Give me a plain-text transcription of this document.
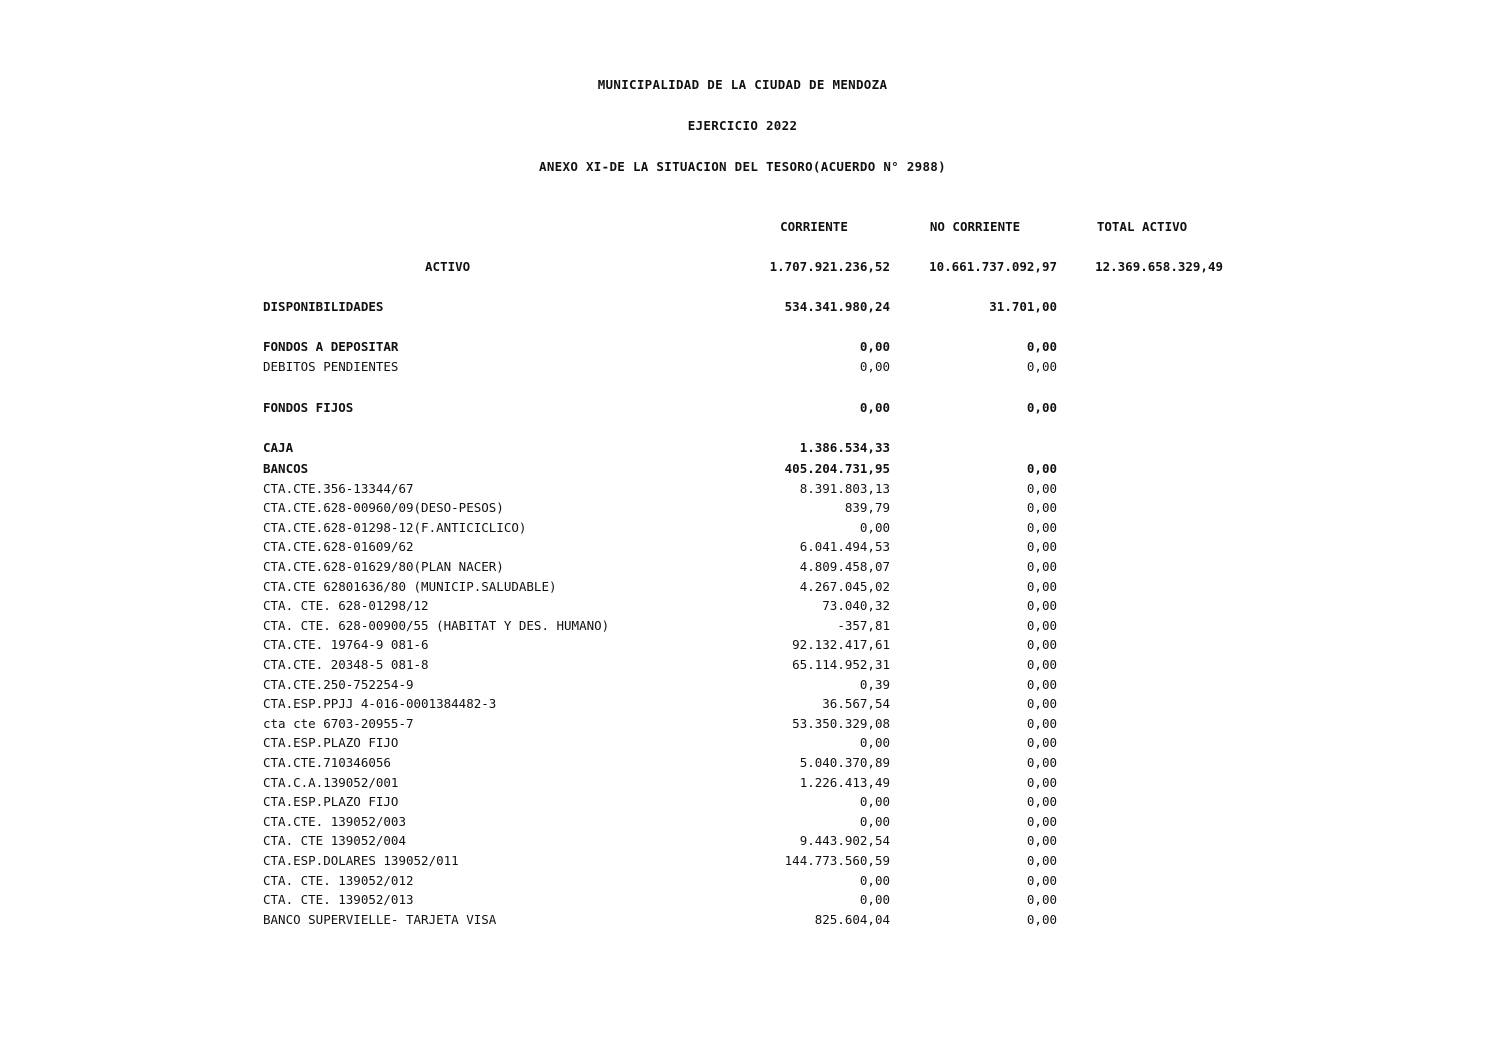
MUNICIPALIDAD DE LA CIUDAD DE MENDOZA
EJERCICIO 2022
ANEXO XI-DE LA SITUACION DEL TESORO(ACUERDO N° 2988)
CORRIENTE	NO CORRIENTE	TOTAL ACTIVO
ACTIVO	1.707.921.236,52	10.661.737.092,97	12.369.658.329,49
DISPONIBILIDADES	534.341.980,24	31.701,00
FONDOS A DEPOSITAR	0,00	0,00
DEBITOS PENDIENTES	0,00	0,00
FONDOS FIJOS	0,00	0,00
CAJA	1.386.534,33
BANCOS	405.204.731,95	0,00
CTA.CTE.356-13344/67	8.391.803,13	0,00
CTA.CTE.628-00960/09(DESO-PESOS)	839,79	0,00
CTA.CTE.628-01298-12(F.ANTICICLICO)	0,00	0,00
CTA.CTE.628-01609/62	6.041.494,53	0,00
CTA.CTE.628-01629/80(PLAN NACER)	4.809.458,07	0,00
CTA.CTE 62801636/80 (MUNICIP.SALUDABLE)	4.267.045,02	0,00
CTA. CTE. 628-01298/12	73.040,32	0,00
CTA. CTE. 628-00900/55 (HABITAT Y DES. HUMANO)	-357,81	0,00
CTA.CTE. 19764-9 081-6	92.132.417,61	0,00
CTA.CTE. 20348-5 081-8	65.114.952,31	0,00
CTA.CTE.250-752254-9	0,39	0,00
CTA.ESP.PPJJ 4-016-0001384482-3	36.567,54	0,00
cta cte 6703-20955-7	53.350.329,08	0,00
CTA.ESP.PLAZO FIJO	0,00	0,00
CTA.CTE.710346056	5.040.370,89	0,00
CTA.C.A.139052/001	1.226.413,49	0,00
CTA.ESP.PLAZO FIJO	0,00	0,00
CTA.CTE. 139052/003	0,00	0,00
CTA. CTE 139052/004	9.443.902,54	0,00
CTA.ESP.DOLARES 139052/011	144.773.560,59	0,00
CTA. CTE. 139052/012	0,00	0,00
CTA. CTE. 139052/013	0,00	0,00
BANCO SUPERVIELLE- TARJETA VISA	825.604,04	0,00
